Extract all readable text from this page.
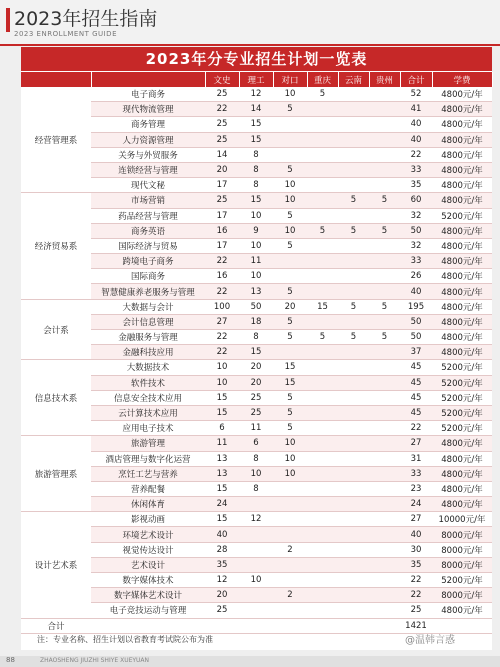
2023年招生指南
2023 ENROLLMENT GUIDE
2023年分专业招生计划一览表
		文史	理工	对口	重庆	云南	贵州	合计	学费
经营管理系	电子商务	25	12	10	5			52	4800元/年
	现代物流管理	22	14	5				41	4800元/年
	商务管理	25	15					40	4800元/年
	人力资源管理	25	15					40	4800元/年
	关务与外贸服务	14	8					22	4800元/年
	连锁经营与管理	20	8	5				33	4800元/年
	现代文秘	17	8	10				35	4800元/年
经济贸易系	市场营销	25	15	10		5	5	60	4800元/年
	药品经营与管理	17	10	5				32	5200元/年
	商务英语	16	9	10	5	5	5	50	4800元/年
	国际经济与贸易	17	10	5				32	4800元/年
	跨境电子商务	22	11					33	4800元/年
	国际商务	16	10					26	4800元/年
	智慧健康养老服务与管理	22	13	5				40	4800元/年
会计系	大数据与会计	100	50	20	15	5	5	195	4800元/年
	会计信息管理	27	18	5				50	4800元/年
	金融服务与管理	22	8	5	5	5	5	50	4800元/年
	金融科技应用	22	15					37	4800元/年
信息技术系	大数据技术	10	20	15				45	5200元/年
	软件技术	10	20	15				45	5200元/年
	信息安全技术应用	15	25	5				45	5200元/年
	云计算技术应用	15	25	5				45	5200元/年
	应用电子技术	6	11	5				22	5200元/年
旅游管理系	旅游管理	11	6	10				27	4800元/年
	酒店管理与数字化运营	13	8	10				31	4800元/年
	烹饪工艺与营养	13	10	10				33	4800元/年
	营养配餐	15	8					23	4800元/年
	休闲体育	24						24	4800元/年
设计艺术系	影视动画	15	12					27	10000元/年
	环境艺术设计	40						40	8000元/年
	视觉传达设计	28		2				30	8000元/年
	艺术设计	35						35	8000元/年
	数字媒体技术	12	10					22	5200元/年
	数字媒体艺术设计	20		2				22	8000元/年
	电子竞技运动与管理	25						25	4800元/年
合计								1421	
注：专业名称、招生计划以省教育考试院公布为准	@温韩言惑
88	ZHAOSHENG JIUZHI SHIYE XUEYUAN
